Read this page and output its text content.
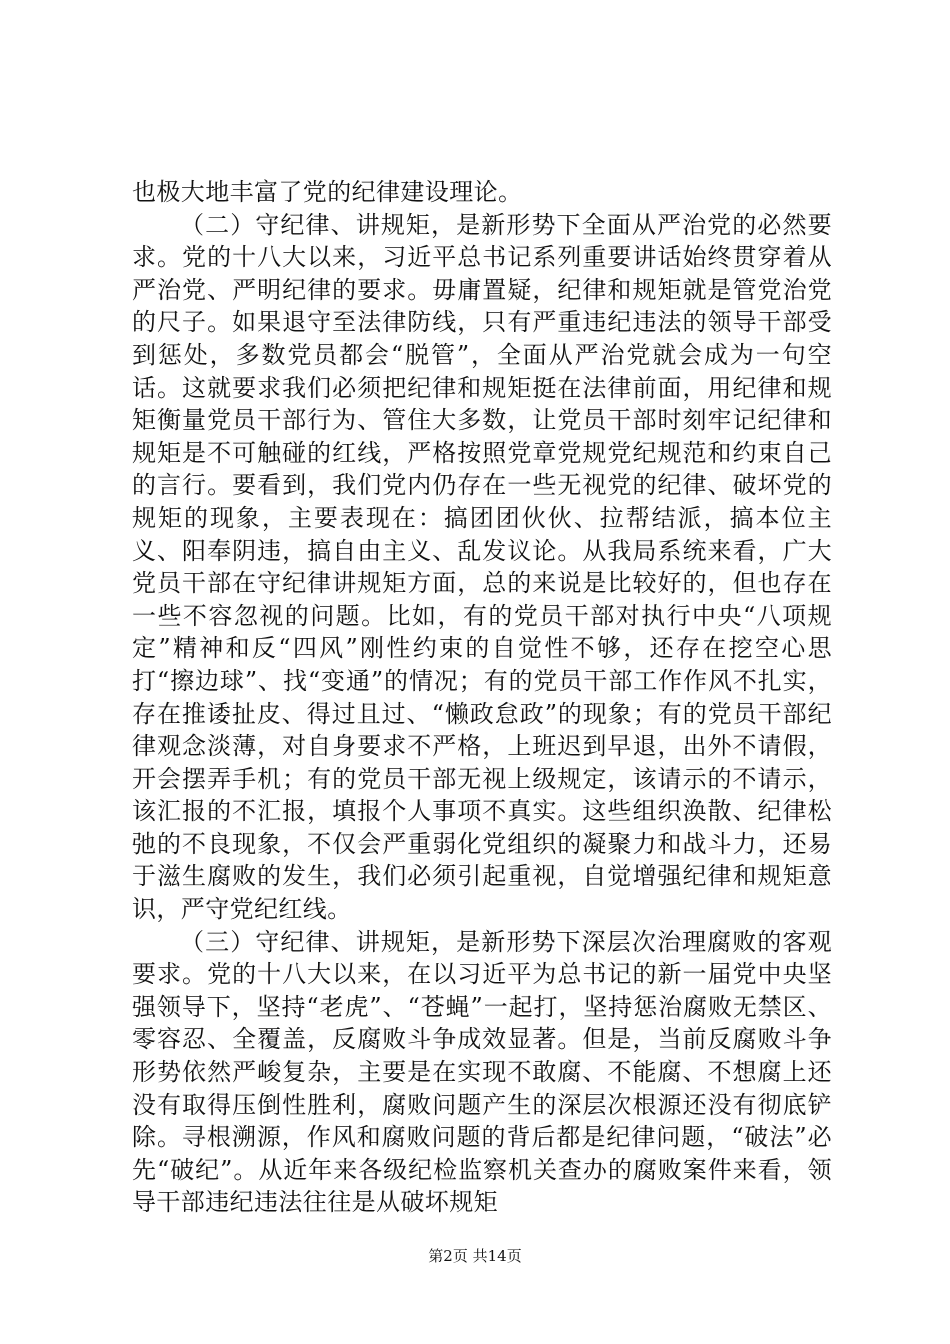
也极大地丰富了党的纪律建设理论。

（二）守纪律、讲规矩，是新形势下全面从严治党的必然要求。党的十八大以来，习近平总书记系列重要讲话始终贯穿着从严治党、严明纪律的要求。毋庸置疑，纪律和规矩就是管党治党的尺子。如果退守至法律防线，只有严重违纪违法的领导干部受到惩处，多数党员都会“脱管”，全面从严治党就会成为一句空话。这就要求我们必须把纪律和规矩挺在法律前面，用纪律和规矩衡量党员干部行为、管住大多数，让党员干部时刻牢记纪律和规矩是不可触碰的红线，严格按照党章党规党纪规范和约束自己的言行。要看到，我们党内仍存在一些无视党的纪律、破坏党的规矩的现象，主要表现在：搞团团伙伙、拉帮结派，搞本位主义、阳奉阴违，搞自由主义、乱发议论。从我局系统来看，广大党员干部在守纪律讲规矩方面，总的来说是比较好的，但也存在一些不容忽视的问题。比如，有的党员干部对执行中央“八项规定”精神和反“四风”刚性约束的自觉性不够，还存在挖空心思打“擦边球”、找“变通”的情况；有的党员干部工作作风不扎实，存在推诿扯皮、得过且过、“懒政怠政”的现象；有的党员干部纪律观念淡薄，对自身要求不严格，上班迟到早退，出外不请假，开会摆弄手机；有的党员干部无视上级规定，该请示的不请示，该汇报的不汇报，填报个人事项不真实。这些组织涣散、纪律松弛的不良现象，不仅会严重弱化党组织的凝聚力和战斗力，还易于滋生腐败的发生，我们必须引起重视，自觉增强纪律和规矩意识，严守党纪红线。

（三）守纪律、讲规矩，是新形势下深层次治理腐败的客观要求。党的十八大以来，在以习近平为总书记的新一届党中央坚强领导下，坚持“老虎”、“苍蝇”一起打，坚持惩治腐败无禁区、零容忍、全覆盖，反腐败斗争成效显著。但是，当前反腐败斗争形势依然严峻复杂，主要是在实现不敢腐、不能腐、不想腐上还没有取得压倒性胜利，腐败问题产生的深层次根源还没有彻底铲除。寻根溯源，作风和腐败问题的背后都是纪律问题，“破法”必先“破纪”。从近年来各级纪检监察机关查办的腐败案件来看，领导干部违纪违法往往是从破坏规矩

第2页 共14页
